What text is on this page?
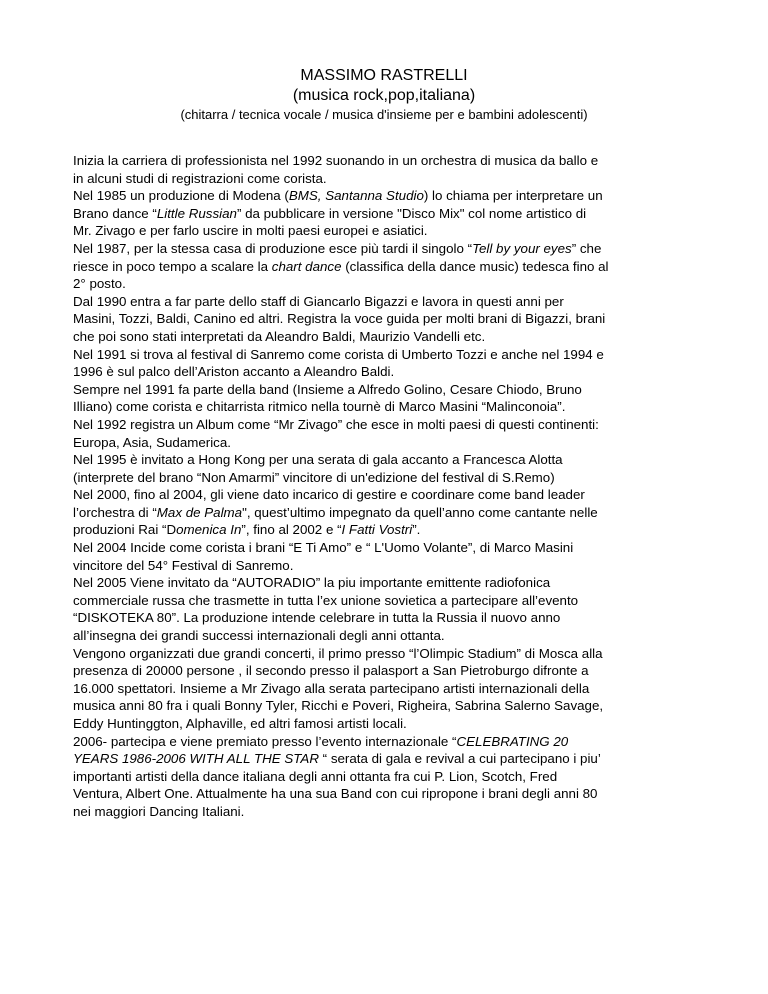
MASSIMO RASTRELLI
(musica rock,pop,italiana)
(chitarra / tecnica vocale / musica d'insieme per e bambini adolescenti)

Inizia la carriera di professionista nel 1992 suonando in un orchestra di musica da ballo e

in alcuni studi di registrazioni come corista.

Nel 1985 un produzione di Modena (BMS, Santanna Studio) lo chiama per interpretare un

Brano dance “Little Russian” da pubblicare in versione "Disco Mix" col nome artistico di

Mr. Zivago e per farlo uscire in molti paesi europei e asiatici.

Nel 1987, per la stessa casa di produzione esce più tardi il singolo “Tell by your eyes” che

riesce in poco tempo a scalare la chart dance (classifica della dance music) tedesca fino al

2° posto.

Dal 1990 entra a far parte dello staff di Giancarlo Bigazzi e lavora in questi anni per

Masini, Tozzi, Baldi, Canino ed altri. Registra la voce guida per molti brani di Bigazzi, brani

che poi sono stati interpretati da Aleandro Baldi, Maurizio Vandelli etc.

Nel 1991 si trova al festival di Sanremo come corista di Umberto Tozzi e anche nel 1994 e

1996 è sul palco dell’Ariston accanto a Aleandro Baldi.

Sempre nel 1991 fa parte della band (Insieme a Alfredo Golino, Cesare Chiodo, Bruno

Illiano) come corista e chitarrista ritmico nella tournè di Marco Masini “Malinconoia”.

Nel 1992 registra un Album come “Mr Zivago” che esce in molti paesi di questi continenti:

Europa, Asia, Sudamerica.

Nel 1995 è invitato a Hong Kong per una serata di gala accanto a Francesca Alotta

(interprete del brano “Non Amarmi” vincitore di un'edizione del festival di S.Remo)

Nel 2000, fino al 2004, gli viene dato incarico di gestire e coordinare come band leader

l’orchestra di “Max de Palma", quest’ultimo impegnato da quell’anno come cantante nelle

produzioni Rai “Domenica In”, fino al 2002 e “I Fatti Vostri”.

Nel 2004 Incide come corista i brani “E Ti Amo” e “ L'Uomo Volante”, di Marco Masini

vincitore del 54° Festival di Sanremo.

Nel 2005 Viene invitato da “AUTORADIO” la piu importante emittente radiofonica

commerciale russa che trasmette in tutta l’ex unione sovietica a partecipare all’evento

“DISKOTEKA 80”. La produzione intende celebrare in tutta la Russia il nuovo anno

all’insegna dei grandi successi internazionali degli anni ottanta.

Vengono organizzati due grandi concerti, il primo presso “l’Olimpic Stadium” di Mosca alla

presenza di 20000 persone , il secondo presso il palasport a San Pietroburgo difronte a

16.000 spettatori. Insieme a Mr Zivago alla serata partecipano artisti internazionali della

musica anni 80 fra i quali Bonny Tyler, Ricchi e Poveri, Righeira, Sabrina Salerno Savage,

Eddy Huntinggton, Alphaville, ed altri famosi artisti locali.

2006- partecipa e viene premiato presso l’evento internazionale “CELEBRATING 20

YEARS 1986-2006 WITH ALL THE STAR “ serata di gala e revival a cui partecipano i piu’

importanti artisti della dance italiana degli anni ottanta fra cui P. Lion, Scotch, Fred

Ventura, Albert One. Attualmente ha una sua Band con cui ripropone i brani degli anni 80

nei maggiori Dancing Italiani.
